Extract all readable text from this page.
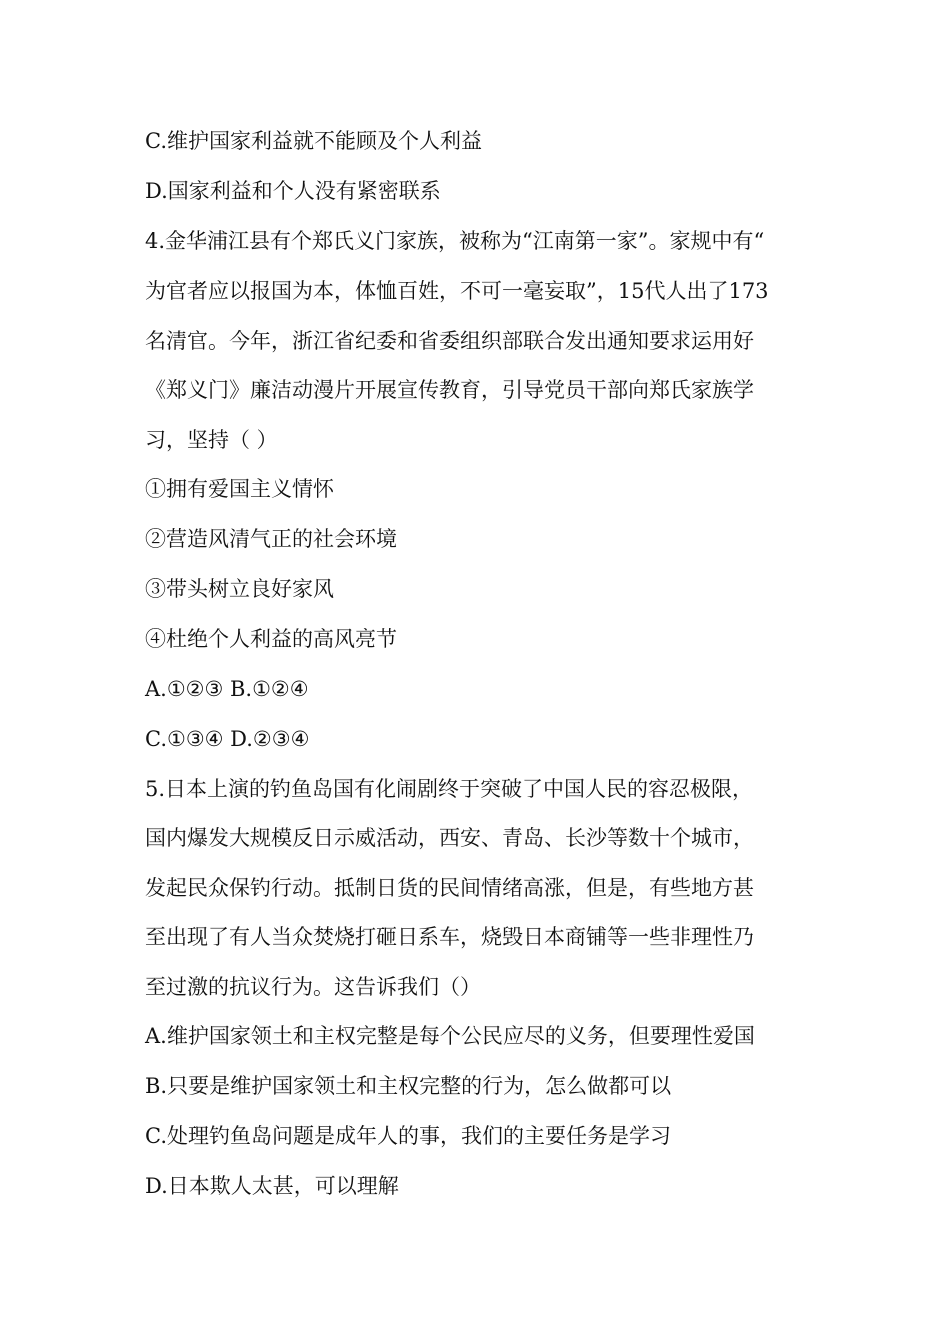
C.维护国家利益就不能顾及个人利益
D.国家利益和个人没有紧密联系
4.金华浦江县有个郑氏义门家族，被称为“江南第一家”。家规中有“
为官者应以报国为本，体恤百姓，不可一毫妄取”，15代人出了173
名清官。今年，浙江省纪委和省委组织部联合发出通知要求运用好
《郑义门》廉洁动漫片开展宣传教育，引导党员干部向郑氏家族学
习，坚持（ ）
①拥有爱国主义情怀
②营造风清气正的社会环境
③带头树立良好家风
④杜绝个人利益的高风亮节
A.①②③ B.①②④
C.①③④ D.②③④
5.日本上演的钓鱼岛国有化闹剧终于突破了中国人民的容忍极限，
国内爆发大规模反日示威活动，西安、青岛、长沙等数十个城市，
发起民众保钓行动。抵制日货的民间情绪高涨，但是，有些地方甚
至出现了有人当众焚烧打砸日系车，烧毁日本商铺等一些非理性乃
至过激的抗议行为。这告诉我们（）
A.维护国家领土和主权完整是每个公民应尽的义务，但要理性爱国
B.只要是维护国家领土和主权完整的行为，怎么做都可以
C.处理钓鱼岛问题是成年人的事，我们的主要任务是学习
D.日本欺人太甚，可以理解
